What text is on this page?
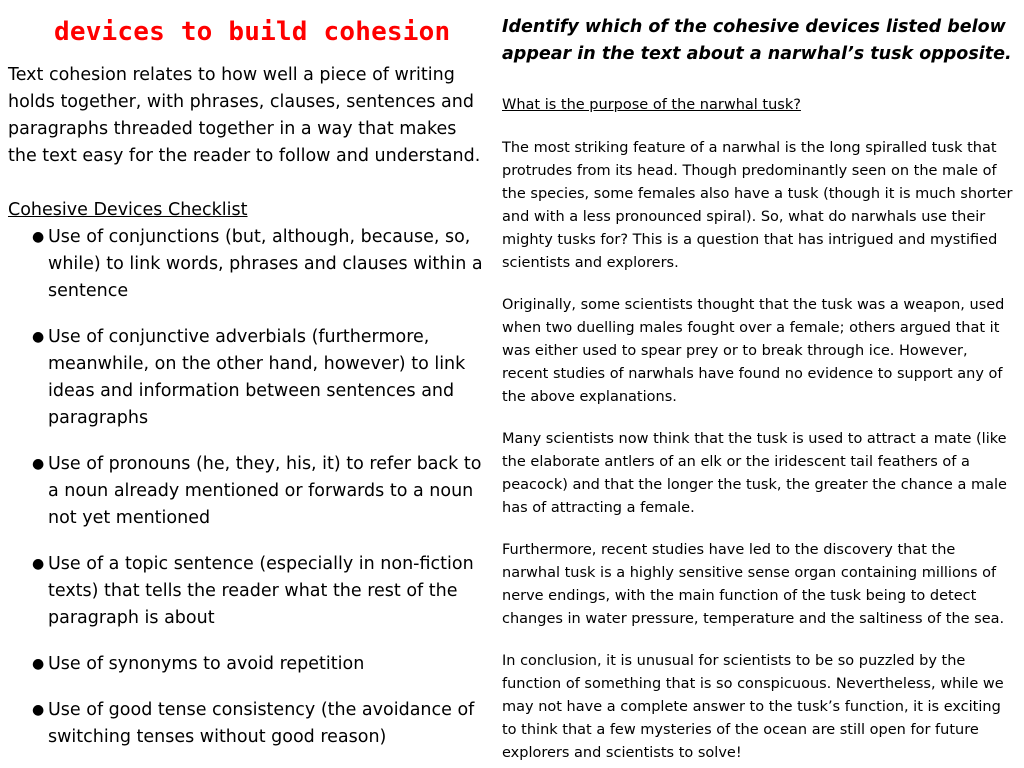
devices to build cohesion

Text cohesion relates to how well a piece of writing holds together, with phrases, clauses, sentences and paragraphs threaded together in a way that makes the text easy for the reader to follow and understand.

Cohesive Devices Checklist
● Use of conjunctions (but, although, because, so, while) to link words, phrases and clauses within a sentence
● Use of conjunctive adverbials (furthermore, meanwhile, on the other hand, however) to link ideas and information between sentences and paragraphs
● Use of pronouns (he, they, his, it) to refer back to a noun already mentioned or forwards to a noun not yet mentioned
● Use of a topic sentence (especially in non-fiction texts) that tells the reader what the rest of the paragraph is about
● Use of synonyms to avoid repetition
● Use of good tense consistency (the avoidance of switching tenses without good reason)

Identify which of the cohesive devices listed below appear in the text about a narwhal’s tusk opposite.

What is the purpose of the narwhal tusk?

The most striking feature of a narwhal is the long spiralled tusk that protrudes from its head. Though predominantly seen on the male of the species, some females also have a tusk (though it is much shorter and with a less pronounced spiral). So, what do narwhals use their mighty tusks for? This is a question that has intrigued and mystified scientists and explorers.

Originally, some scientists thought that the tusk was a weapon, used when two duelling males fought over a female; others argued that it was either used to spear prey or to break through ice. However, recent studies of narwhals have found no evidence to support any of the above explanations.

Many scientists now think that the tusk is used to attract a mate (like the elaborate antlers of an elk or the iridescent tail feathers of a peacock) and that the longer the tusk, the greater the chance a male has of attracting a female.

Furthermore, recent studies have led to the discovery that the narwhal tusk is a highly sensitive sense organ containing millions of nerve endings, with the main function of the tusk being to detect changes in water pressure, temperature and the saltiness of the sea.

In conclusion, it is unusual for scientists to be so puzzled by the function of something that is so conspicuous. Nevertheless, while we may not have a complete answer to the tusk’s function, it is exciting to think that a few mysteries of the ocean are still open for future explorers and scientists to solve!
